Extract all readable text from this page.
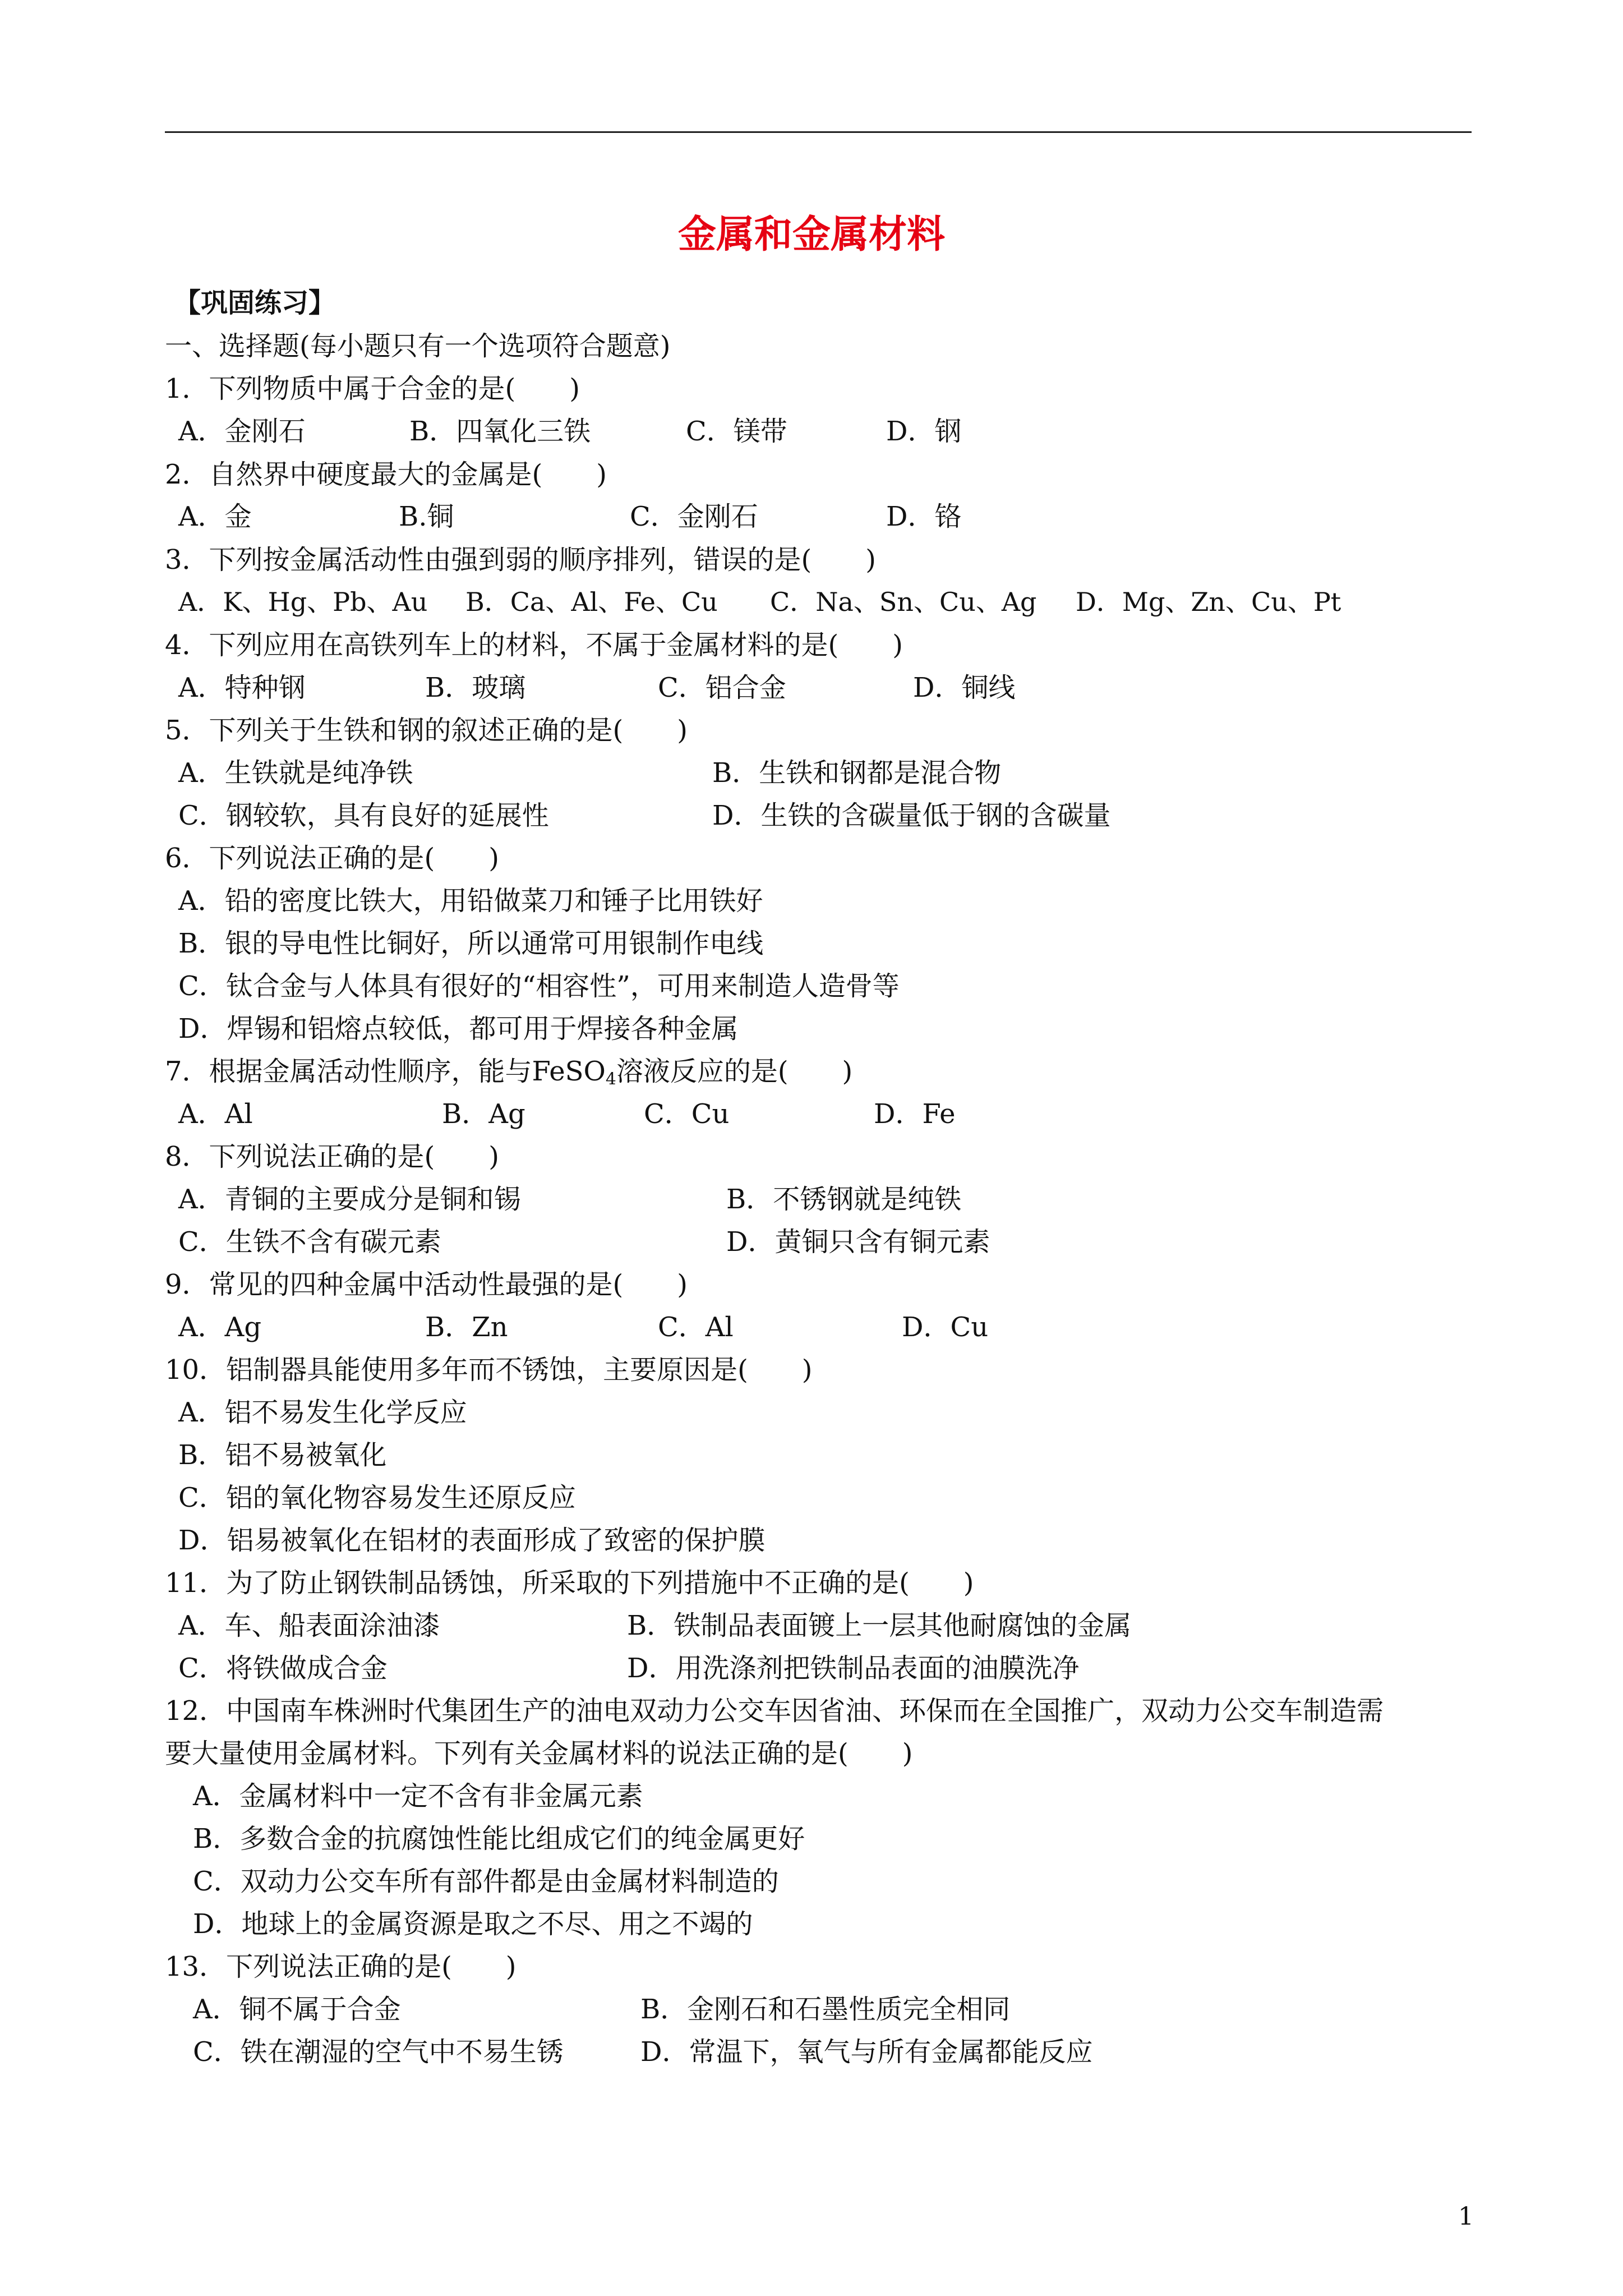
金属和金属材料
【巩固练习】
一、选择题(每小题只有一个选项符合题意)
1．下列物质中属于合金的是(　　)
A．金刚石	B．四氧化三铁	C．镁带	D．钢
2．自然界中硬度最大的金属是(　　)
A．金	B.铜	C．金刚石	D．铬
3．下列按金属活动性由强到弱的顺序排列，错误的是(　　)
A．K、Hg、Pb、Au B．Ca、Al、Fe、Cu C．Na、Sn、Cu、Ag D．Mg、Zn、Cu、Pt
4．下列应用在高铁列车上的材料，不属于金属材料的是(　　)
A．特种钢	B．玻璃	C．铝合金	D．铜线
5．下列关于生铁和钢的叙述正确的是(　　)
A．生铁就是纯净铁	B．生铁和钢都是混合物
C．钢较软，具有良好的延展性	D．生铁的含碳量低于钢的含碳量
6．下列说法正确的是(　　)
A．铅的密度比铁大，用铅做菜刀和锤子比用铁好
B．银的导电性比铜好，所以通常可用银制作电线
C．钛合金与人体具有很好的“相容性”，可用来制造人造骨等
D．焊锡和铝熔点较低，都可用于焊接各种金属
7．根据金属活动性顺序，能与FeSO$_4$溶液反应的是(　　)
A．Al	B．Ag	C．Cu	D．Fe
8．下列说法正确的是(　　)
A．青铜的主要成分是铜和锡	B．不锈钢就是纯铁
C．生铁不含有碳元素	D．黄铜只含有铜元素
9．常见的四种金属中活动性最强的是(　　)
A．Ag	B．Zn	C．Al	D．Cu
10．铝制器具能使用多年而不锈蚀，主要原因是(　　)
A．铝不易发生化学反应
B．铝不易被氧化
C．铝的氧化物容易发生还原反应
D．铝易被氧化在铝材的表面形成了致密的保护膜
11．为了防止钢铁制品锈蚀，所采取的下列措施中不正确的是(　　)
A．车、船表面涂油漆	B．铁制品表面镀上一层其他耐腐蚀的金属
C．将铁做成合金	D．用洗涤剂把铁制品表面的油膜洗净
12．中国南车株洲时代集团生产的油电双动力公交车因省油、环保而在全国推广，双动力公交车制造需
要大量使用金属材料。下列有关金属材料的说法正确的是(　　)
A．金属材料中一定不含有非金属元素
B．多数合金的抗腐蚀性能比组成它们的纯金属更好
C．双动力公交车所有部件都是由金属材料制造的
D．地球上的金属资源是取之不尽、用之不竭的
13．下列说法正确的是(　　)
A．铜不属于合金	B．金刚石和石墨性质完全相同
C．铁在潮湿的空气中不易生锈	D．常温下，氧气与所有金属都能反应
1
